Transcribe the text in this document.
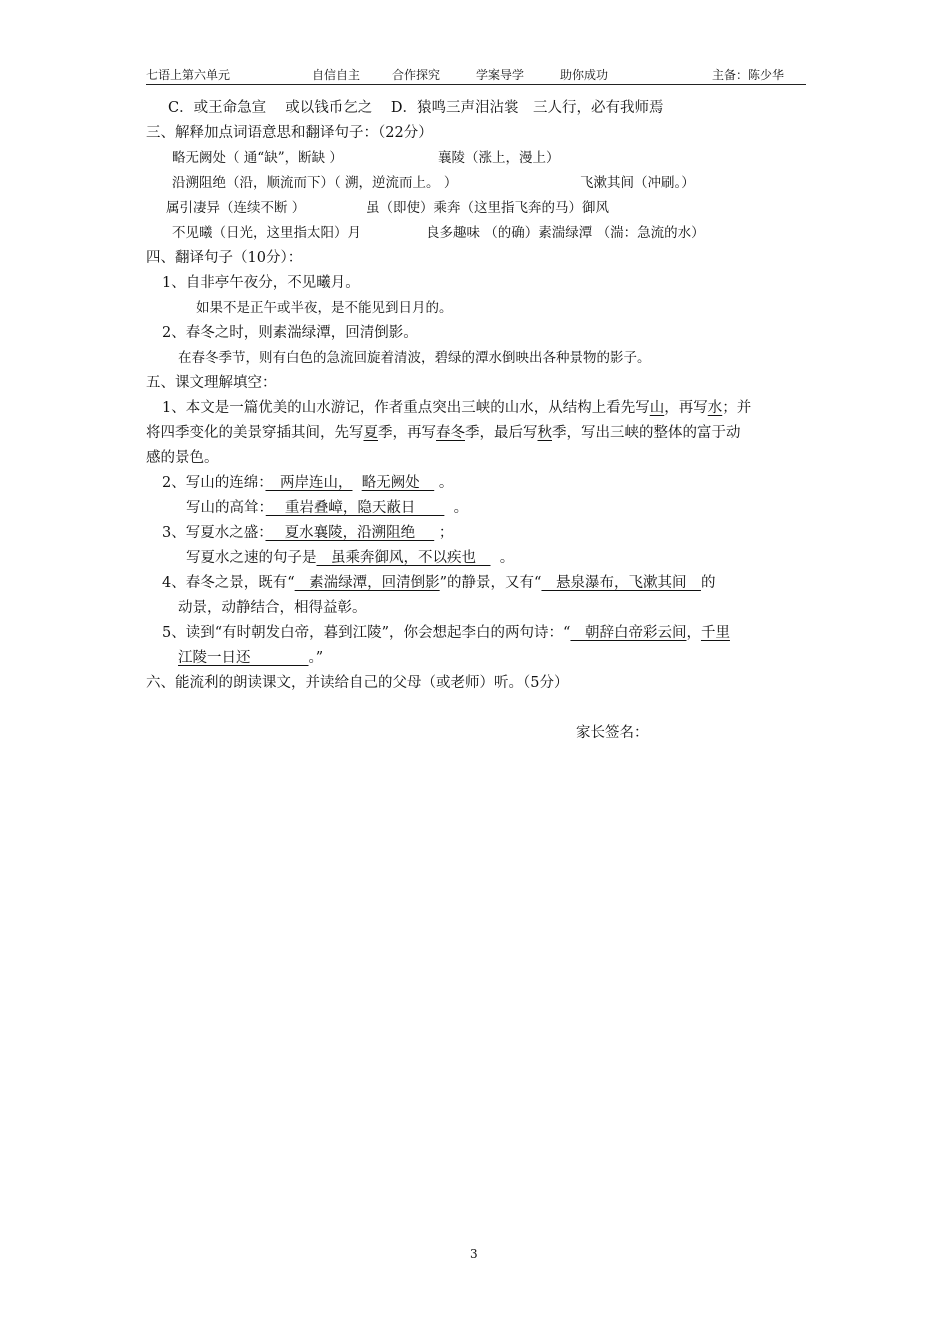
七语上第六单元	自信自主	合作探究	学案导学	助你成功	主备：陈少华
C．或王命急宣　 或以钱币乞之 D．猿鸣三声泪沾裳　三人行，必有我师焉
三、解释加点词语意思和翻译句子：（22分）
略无阙处（ 通“缺”，断缺 ）	襄陵（涨上，漫上）
沿溯阻绝（沿，顺流而下）（ 溯，逆流而上。 ）	飞漱其间（冲刷。）
属引凄异（连续不断 ）	虽（即使）乘奔（这里指飞奔的马）御风
不见曦（日光，这里指太阳）月	良多趣味 （的确）素湍绿潭 （湍：急流的水）
四、翻译句子（10分）：
1、自非亭午夜分，不见曦月。
如果不是正午或半夜，是不能见到日月的。
2、春冬之时，则素湍绿潭，回清倒影。
在春冬季节，则有白色的急流回旋着清波，碧绿的潭水倒映出各种景物的影子。
五、课文理解填空：
1、本文是一篇优美的山水游记，作者重点突出三峡的山水，从结构上看先写山，再写水；并
将四季变化的美景穿插其间，先写夏季，再写春冬季，最后写秋季，写出三峡的整体的富于动
感的景色。
2、写山的连绵：　两岸连山， 略无阙处　 。
写山的高耸：　 重岩叠嶂，隐天蔽日　　  。
3、写夏水之盛：　 夏水襄陵，沿溯阻绝　  ；
写夏水之速的句子是　虽乘奔御风，不以疾也　  。
4、春冬之景，既有“　素湍绿潭，回清倒影”的静景，又有“　悬泉瀑布，飞漱其间　的
动景，动静结合，相得益彰。
5、读到“有时朝发白帝，暮到江陵”，你会想起李白的两句诗：“　朝辞白帝彩云间，千里
江陵一日还　　　　。”
六、能流利的朗读课文，并读给自己的父母（或老师）听。（5分）
家长签名：
3
